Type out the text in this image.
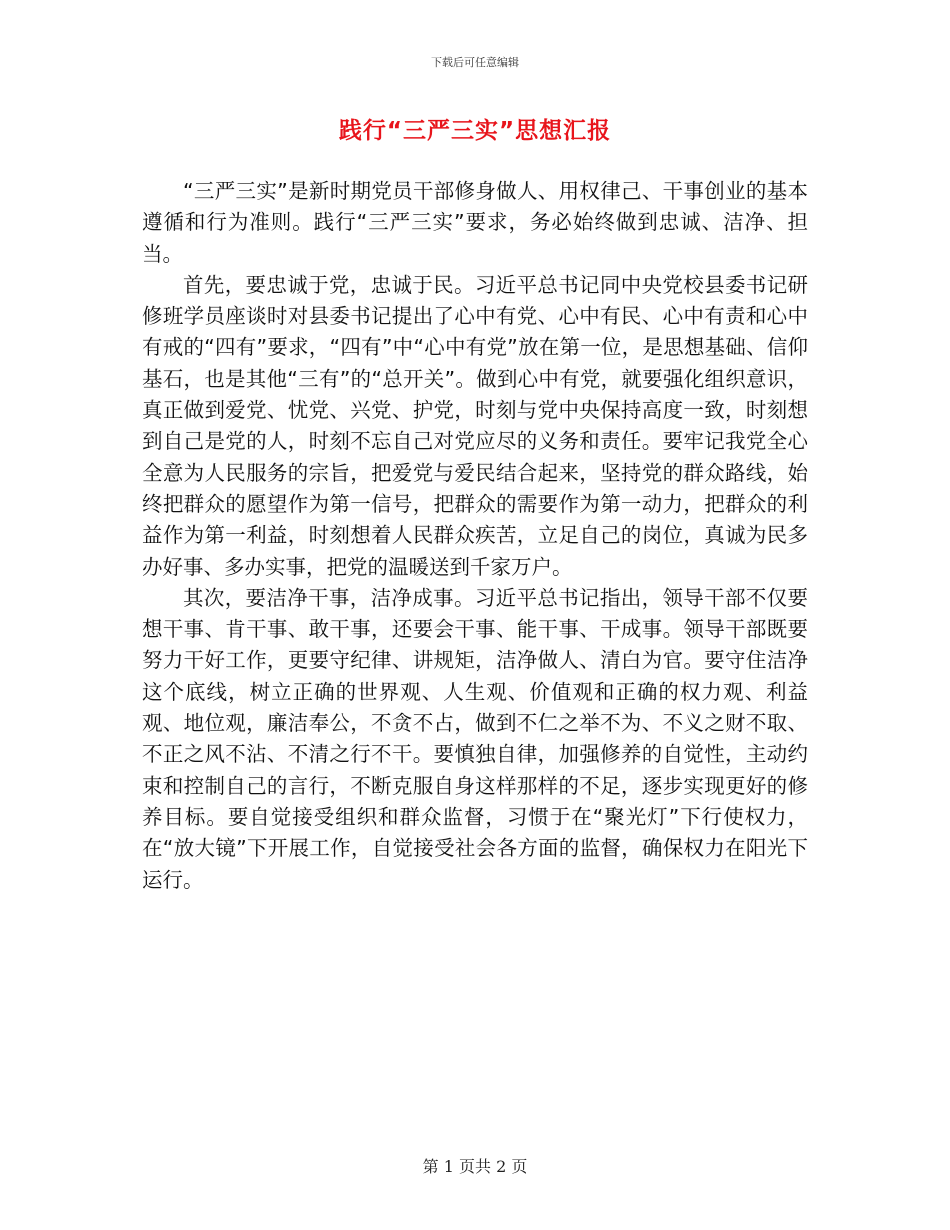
下载后可任意编辑
践行“三严三实”思想汇报

“三严三实”是新时期党员干部修身做人、用权律己、干事创业的基本遵循和行为准则。践行“三严三实”要求，务必始终做到忠诚、洁净、担当。

首先，要忠诚于党，忠诚于民。习近平总书记同中央党校县委书记研修班学员座谈时对县委书记提出了心中有党、心中有民、心中有责和心中有戒的“四有”要求，“四有”中“心中有党”放在第一位，是思想基础、信仰基石，也是其他“三有”的“总开关”。做到心中有党，就要强化组织意识，真正做到爱党、忧党、兴党、护党，时刻与党中央保持高度一致，时刻想到自己是党的人，时刻不忘自己对党应尽的义务和责任。要牢记我党全心全意为人民服务的宗旨，把爱党与爱民结合起来，坚持党的群众路线，始终把群众的愿望作为第一信号，把群众的需要作为第一动力，把群众的利益作为第一利益，时刻想着人民群众疾苦，立足自己的岗位，真诚为民多办好事、多办实事，把党的温暖送到千家万户。

其次，要洁净干事，洁净成事。习近平总书记指出，领导干部不仅要想干事、肯干事、敢干事，还要会干事、能干事、干成事。领导干部既要努力干好工作，更要守纪律、讲规矩，洁净做人、清白为官。要守住洁净这个底线，树立正确的世界观、人生观、价值观和正确的权力观、利益观、地位观，廉洁奉公，不贪不占，做到不仁之举不为、不义之财不取、不正之风不沾、不清之行不干。要慎独自律，加强修养的自觉性，主动约束和控制自己的言行，不断克服自身这样那样的不足，逐步实现更好的修养目标。要自觉接受组织和群众监督，习惯于在“聚光灯”下行使权力，在“放大镜”下开展工作，自觉接受社会各方面的监督，确保权力在阳光下运行。

第 1 页共 2 页
